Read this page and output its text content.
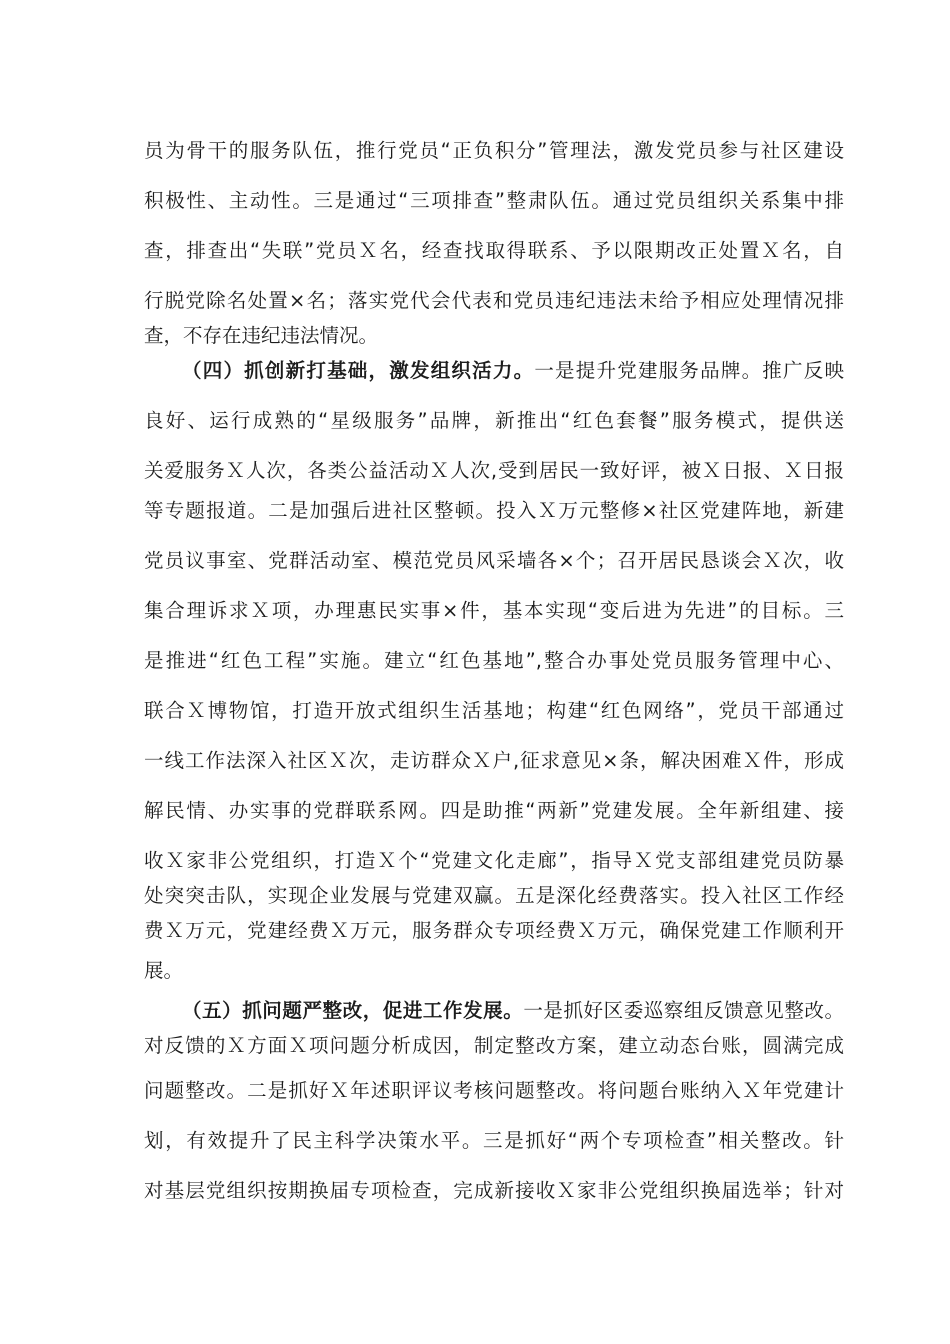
员为骨干的服务队伍，推行党员“正负积分”管理法，激发党员参与社区建设
积极性、主动性。三是通过“三项排查”整肃队伍。通过党员组织关系集中排
查，排查出“失联”党员Ｘ名，经查找取得联系、予以限期改正处置Ｘ名，自
行脱党除名处置×名；落实党代会代表和党员违纪违法未给予相应处理情况排
查，不存在违纪违法情况。
（四）抓创新打基础，激发组织活力。一是提升党建服务品牌。推广反映
良好、运行成熟的“星级服务”品牌，新推出“红色套餐”服务模式，提供送
关爱服务Ｘ人次，各类公益活动Ｘ人次,受到居民一致好评，被Ｘ日报、Ｘ日报
等专题报道。二是加强后进社区整顿。投入Ｘ万元整修×社区党建阵地，新建
党员议事室、党群活动室、模范党员风采墙各×个；召开居民恳谈会Ｘ次，收
集合理诉求Ｘ项，办理惠民实事×件，基本实现“变后进为先进”的目标。三
是推进“红色工程”实施。建立“红色基地”,整合办事处党员服务管理中心、
联合Ｘ博物馆，打造开放式组织生活基地；构建“红色网络”，党员干部通过
一线工作法深入社区Ｘ次，走访群众Ｘ户,征求意见×条，解决困难Ｘ件，形成
解民情、办实事的党群联系网。四是助推“两新”党建发展。全年新组建、接
收Ｘ家非公党组织，打造Ｘ个“党建文化走廊”，指导Ｘ党支部组建党员防暴
处突突击队，实现企业发展与党建双赢。五是深化经费落实。投入社区工作经
费Ｘ万元，党建经费Ｘ万元，服务群众专项经费Ｘ万元，确保党建工作顺利开
展。
（五）抓问题严整改，促进工作发展。一是抓好区委巡察组反馈意见整改。
对反馈的Ｘ方面Ｘ项问题分析成因，制定整改方案，建立动态台账，圆满完成
问题整改。二是抓好Ｘ年述职评议考核问题整改。将问题台账纳入Ｘ年党建计
划，有效提升了民主科学决策水平。三是抓好“两个专项检查”相关整改。针
对基层党组织按期换届专项检查，完成新接收Ｘ家非公党组织换届选举；针对
